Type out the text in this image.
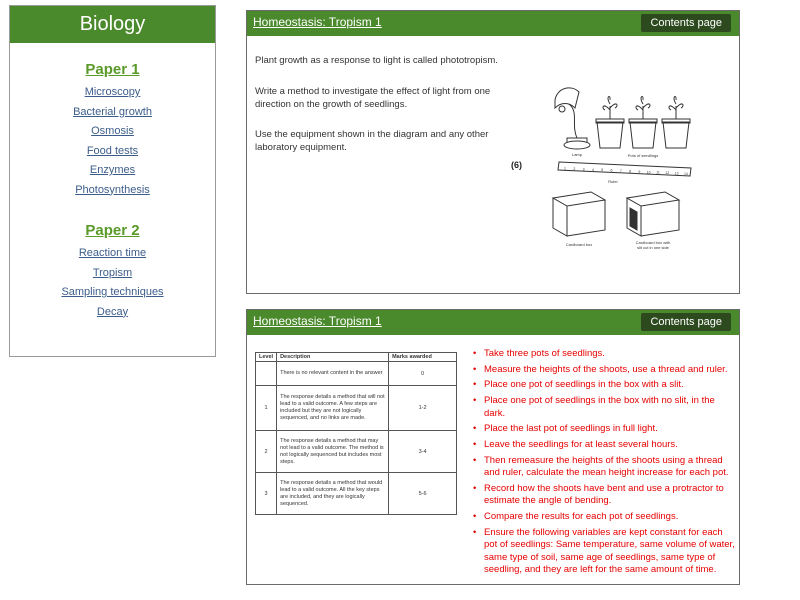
Biology
Paper 1
Microscopy
Bacterial growth
Osmosis
Food tests
Enzymes
Photosynthesis
Paper 2
Reaction time
Tropism
Sampling techniques
Decay
Homeostasis: Tropism 1	Contents page
Plant growth as a response to light is called phototropism.
Write a method to investigate the effect of light from one direction on the growth of seedlings.
Use the equipment shown in the diagram and any other laboratory equipment.
(6)
Lamp	Pots of seedlings
Ruler
Cardboard box	Cardboard box with
slit cut in one side
1 2 3 4 5 6 7 8 9 10 11 12 13 14
Homeostasis: Tropism 1	Contents page
Level	Description	Marks awarded
	There is no relevant content in the answer	0
1	The response details a method that will not lead to a valid outcome. A few steps are included but they are not logically sequenced, and no links are made.	1-2
2	The response details a method that may not lead to a valid outcome. The method is not logically sequenced but includes most steps.	3-4
3	The response details a method that would lead to a valid outcome. All the key steps are included, and they are logically sequenced.	5-6
• Take three pots of seedlings.
• Measure the heights of the shoots, use a thread and ruler.
• Place one pot of seedlings in the box with a slit.
• Place one pot of seedlings in the box with no slit, in the dark.
• Place the last pot of seedlings in full light.
• Leave the seedlings for at least several hours.
• Then remeasure the heights of the shoots using a thread and ruler, calculate the mean height increase for each pot.
• Record how the shoots have bent and use a protractor to estimate the angle of bending.
• Compare the results for each pot of seedlings.
• Ensure the following variables are kept constant for each pot of seedlings: Same temperature, same volume of water, same type of soil, same age of seedlings, same type of seedling, and they are left for the same amount of time.
